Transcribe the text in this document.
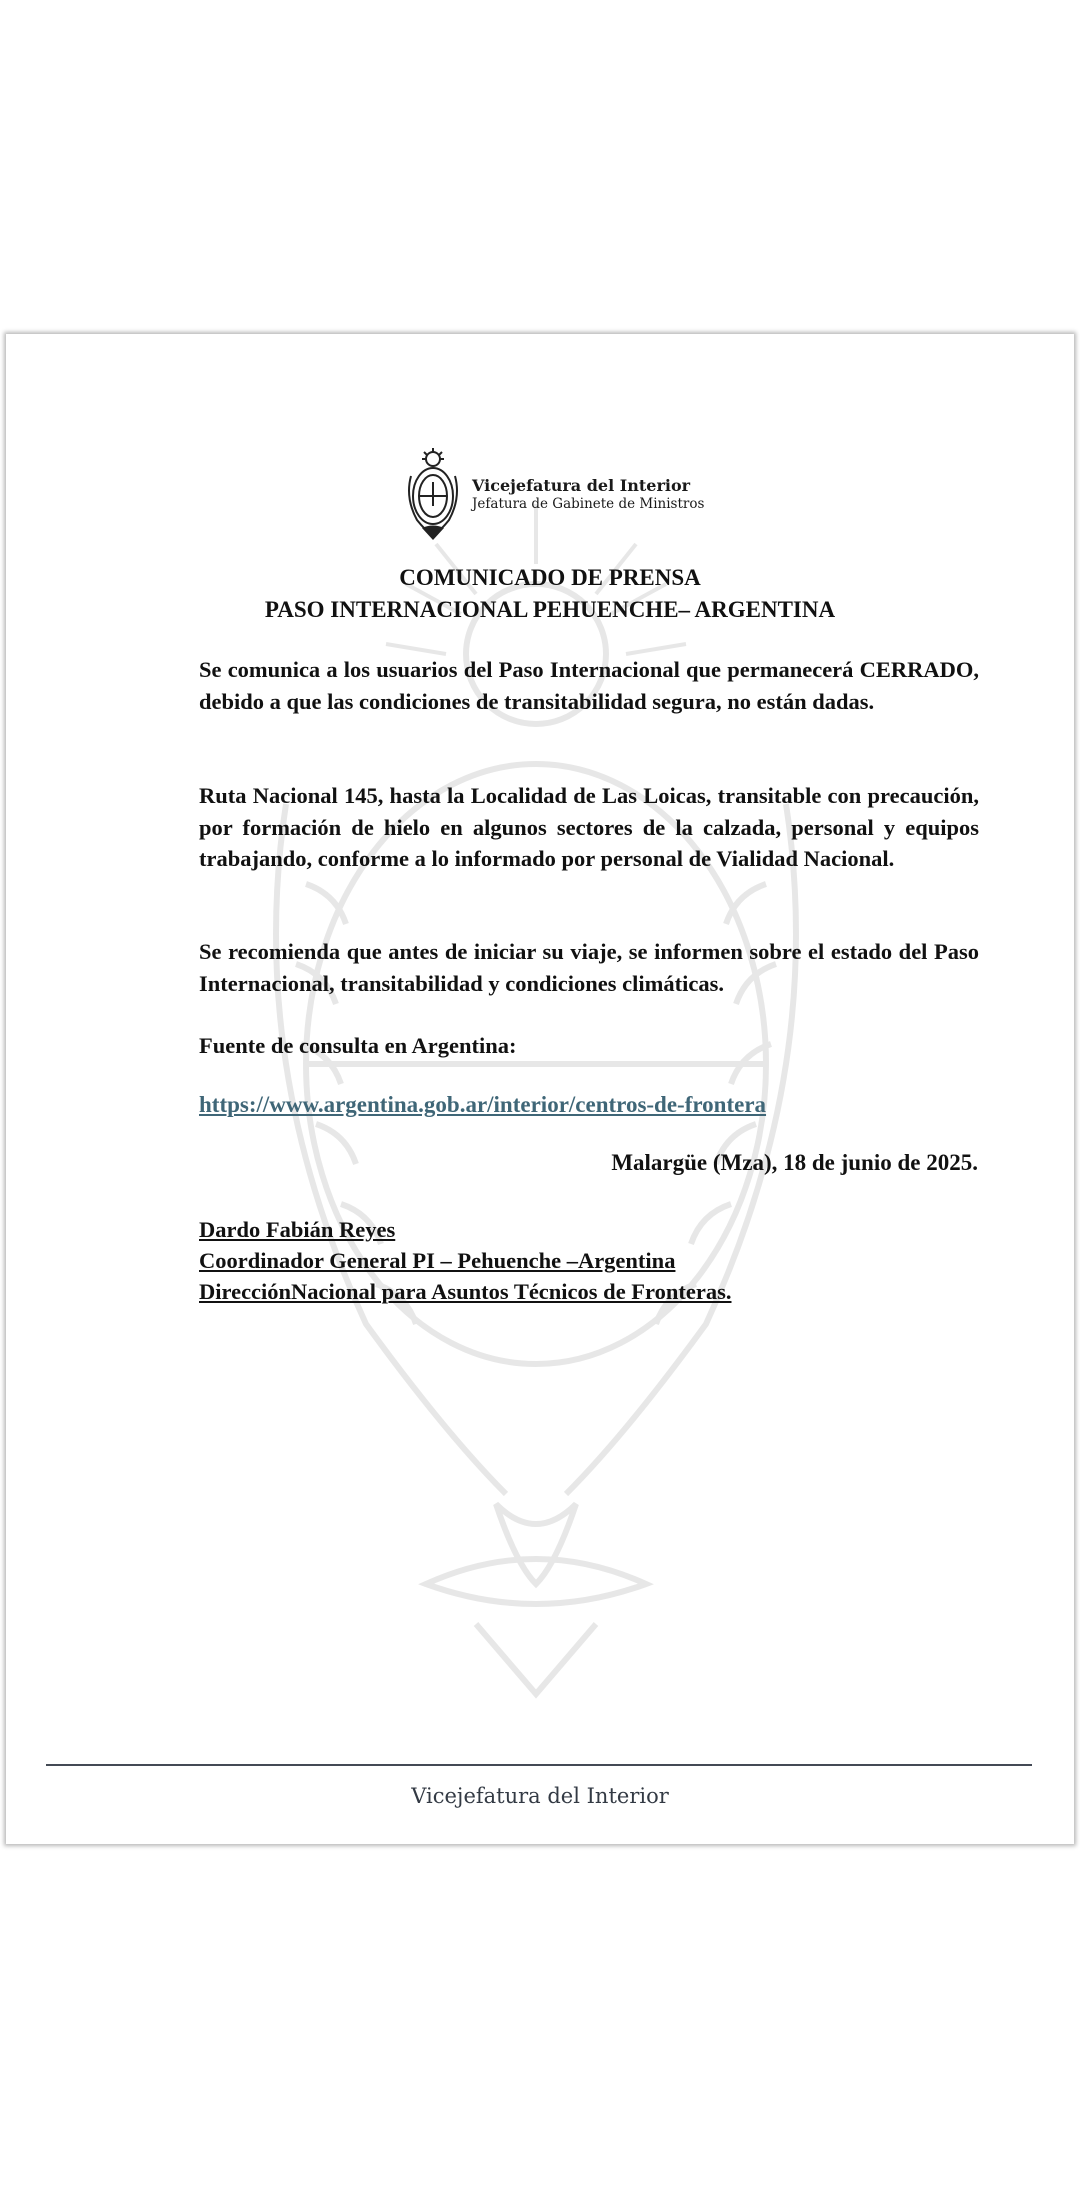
Vicejefatura del Interior
Jefatura de Gabinete de Ministros
COMUNICADO DE PRENSA
PASO INTERNACIONAL PEHUENCHE– ARGENTINA
Se comunica a los usuarios del Paso Internacional que permanecerá CERRADO, debido a que las condiciones de transitabilidad segura, no están dadas.
Ruta Nacional 145, hasta la Localidad de Las Loicas, transitable con precaución, por formación de hielo en algunos sectores de la calzada, personal y equipos trabajando, conforme a lo informado por personal de Vialidad Nacional.
Se recomienda que antes de iniciar su viaje, se informen sobre el estado del Paso Internacional, transitabilidad y condiciones climáticas.
Fuente de consulta en Argentina:
https://www.argentina.gob.ar/interior/centros-de-frontera
Malargüe (Mza), 18 de junio de 2025.
Dardo Fabián Reyes
Coordinador General PI – Pehuenche –Argentina
DirecciónNacional para Asuntos Técnicos de Fronteras.
Vicejefatura del Interior
